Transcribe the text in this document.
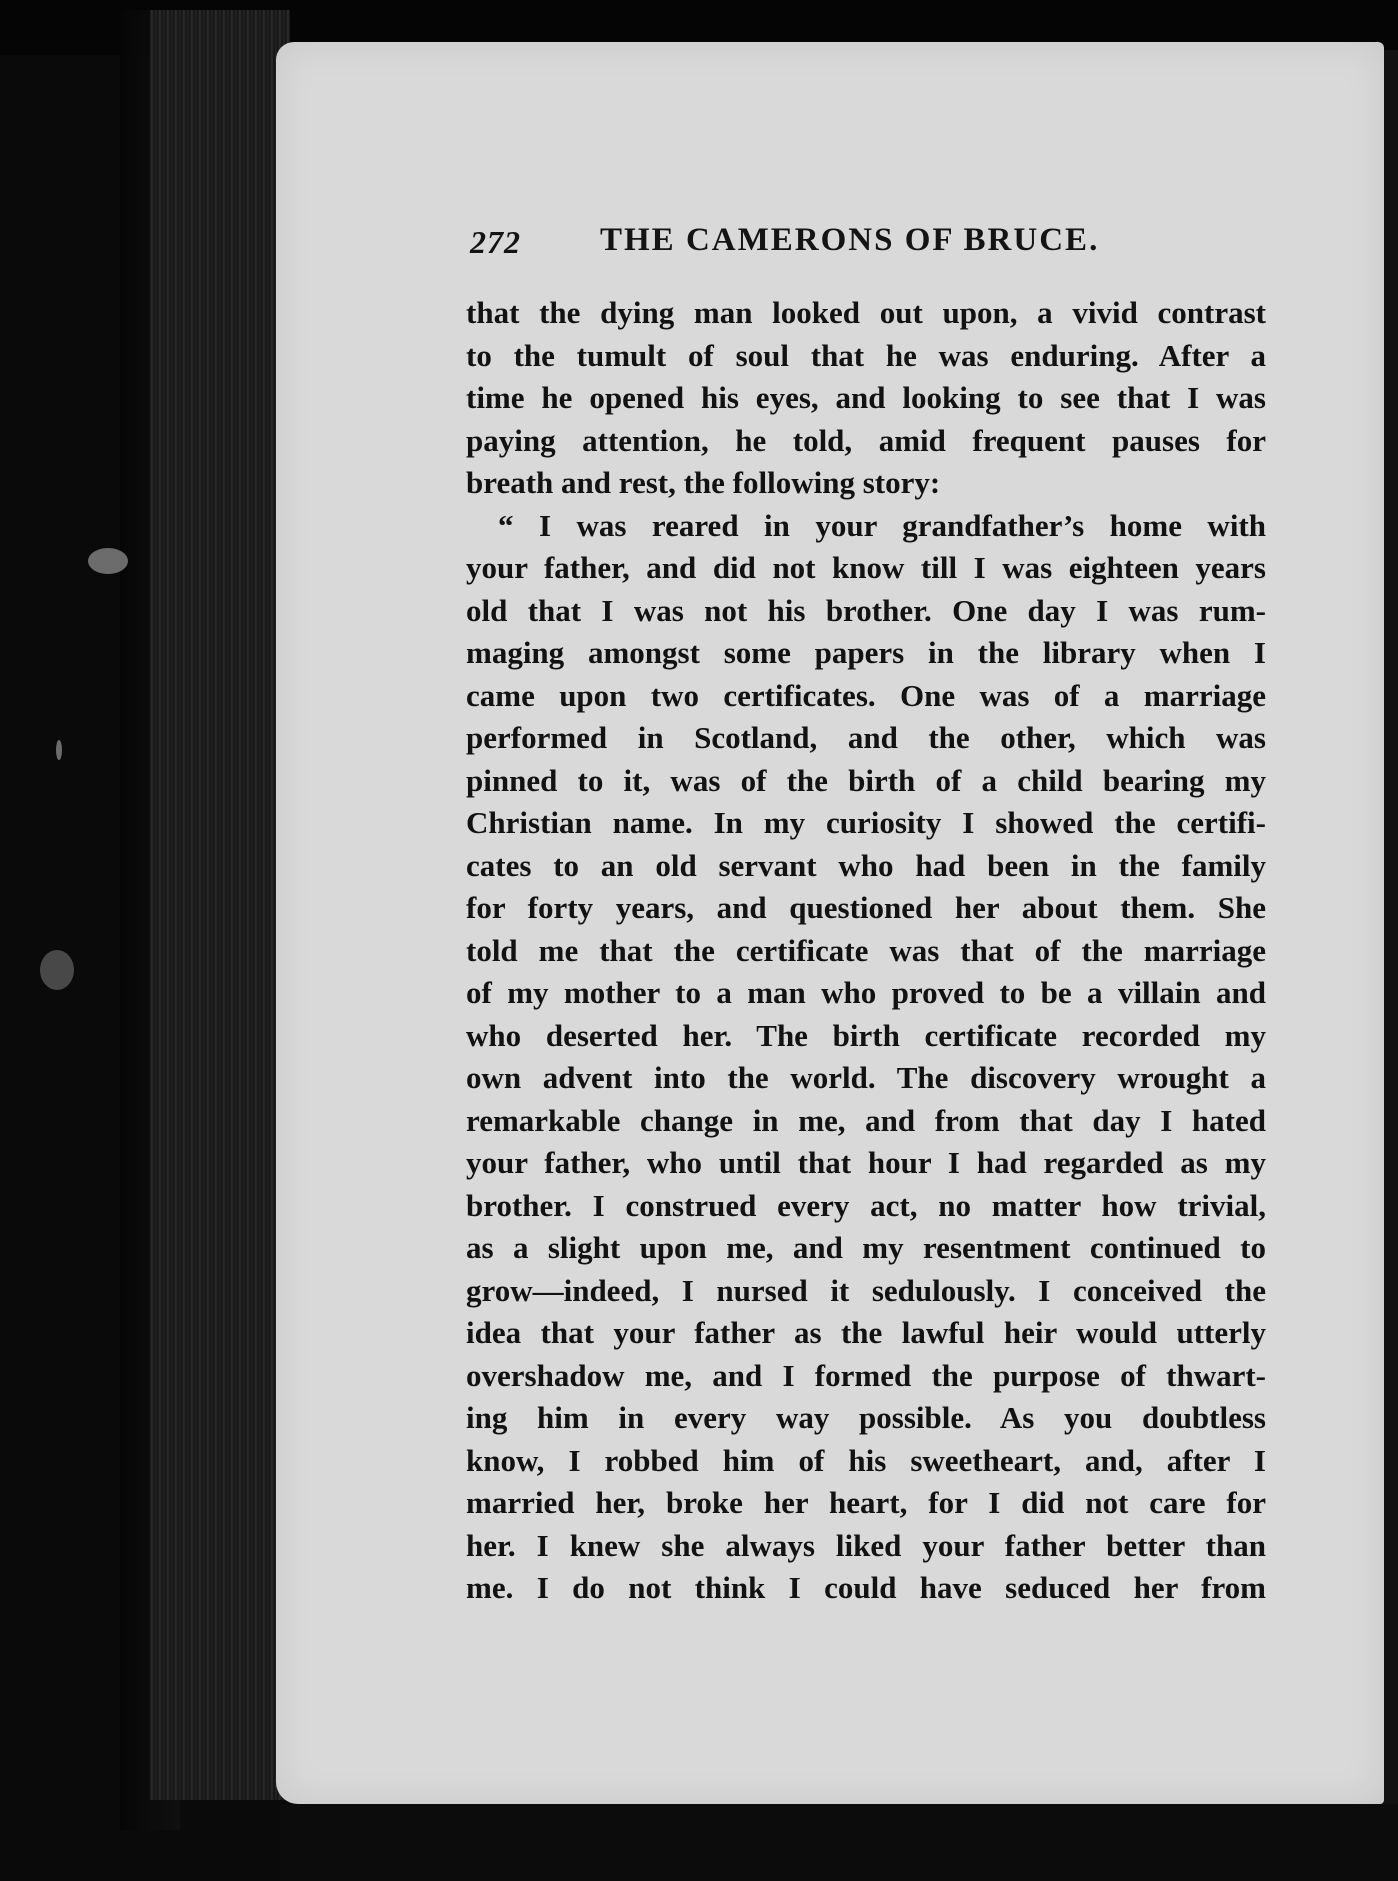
272 THE CAMERONS OF BRUCE.
that the dying man looked out upon, a vivid contrast
to the tumult of soul that he was enduring. After a
time he opened his eyes, and looking to see that I was
paying attention, he told, amid frequent pauses for
breath and rest, the following story:
“ I was reared in your grandfather’s home with
your father, and did not know till I was eighteen years
old that I was not his brother. One day I was rum-
maging amongst some papers in the library when I
came upon two certificates. One was of a marriage
performed in Scotland, and the other, which was
pinned to it, was of the birth of a child bearing my
Christian name. In my curiosity I showed the certifi-
cates to an old servant who had been in the family
for forty years, and questioned her about them. She
told me that the certificate was that of the marriage
of my mother to a man who proved to be a villain and
who deserted her. The birth certificate recorded my
own advent into the world. The discovery wrought a
remarkable change in me, and from that day I hated
your father, who until that hour I had regarded as my
brother. I construed every act, no matter how trivial,
as a slight upon me, and my resentment continued to
grow—indeed, I nursed it sedulously. I conceived the
idea that your father as the lawful heir would utterly
overshadow me, and I formed the purpose of thwart-
ing him in every way possible. As you doubtless
know, I robbed him of his sweetheart, and, after I
married her, broke her heart, for I did not care for
her. I knew she always liked your father better than
me. I do not think I could have seduced her from
